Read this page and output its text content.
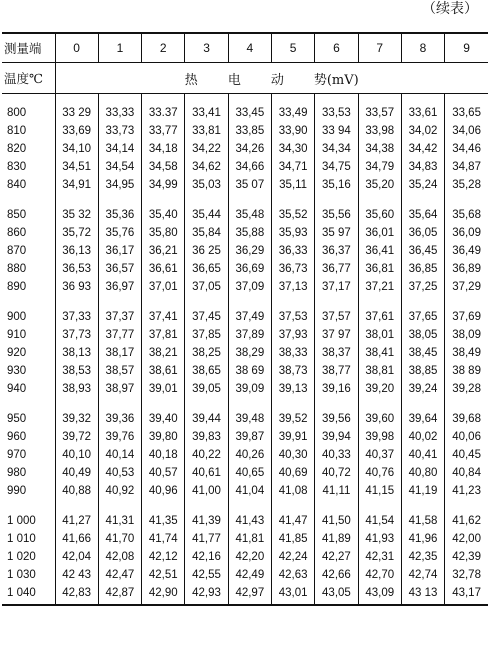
（续表）
测量端	0	1	2	3	4	5	6	7	8	9
温度℃	热 电 动 势(mV)									

800	33 29	33,33	33.37	33,41	33,45	33,49	33,53	33,57	33,61	33,65
810	33,69	33,73	33,77	33,81	33,85	33,90	33 94	33,98	34,02	34,06
820	34,10	34,14	34,18	34,22	34,26	34,30	34,34	34,38	34,42	34,46
830	34,51	34,54	34,58	34,62	34,66	34,71	34,75	34,79	34,83	34,87
840	34,91	34,95	34,99	35,03	35 07	35,11	35,16	35,20	35,24	35,28
850	35 32	35,36	35,40	35,44	35,48	35,52	35,56	35,60	35,64	35,68
860	35,72	35,76	35,80	35,84	35,88	35,93	35 97	36,01	36,05	36,09
870	36,13	36,17	36,21	36 25	36,29	36,33	36,37	36,41	36,45	36,49
880	36,53	36,57	36,61	36,65	36,69	36,73	36,77	36,81	36,85	36,89
890	36 93	36,97	37,01	37,05	37,09	37,13	37,17	37,21	37,25	37,29
900	37,33	37,37	37,41	37,45	37,49	37,53	37,57	37,61	37,65	37,69
910	37,73	37,77	37,81	37,85	37,89	37,93	37 97	38,01	38,05	38,09
920	38,13	38,17	38,21	38,25	38,29	38,33	38,37	38,41	38,45	38,49
930	38,53	38,57	38,61	38,65	38 69	38,73	38,77	38,81	38,85	38 89
940	38,93	38,97	39,01	39,05	39,09	39,13	39,16	39,20	39,24	39,28
950	39,32	39,36	39,40	39,44	39,48	39,52	39,56	39,60	39,64	39,68
960	39,72	39,76	39,80	39,83	39,87	39,91	39,94	39,98	40,02	40,06
970	40,10	40,14	40,18	40,22	40,26	40,30	40,33	40,37	40,41	40,45
980	40,49	40,53	40,57	40,61	40,65	40,69	40,72	40,76	40,80	40,84
990	40,88	40,92	40,96	41,00	41,04	41,08	41,11	41,15	41,19	41,23
1 000	41,27	41,31	41,35	41,39	41,43	41,47	41,50	41,54	41,58	41,62
1 010	41,66	41,70	41,74	41,77	41,81	41,85	41,89	41,93	41,96	42,00
1 020	42,04	42,08	42,12	42,16	42,20	42,24	42,27	42,31	42,35	42,39
1 030	42 43	42,47	42,51	42,55	42,49	42,63	42,66	42,70	42,74	32,78
1 040	42,83	42,87	42,90	42,93	42,97	43,01	43,05	43,09	43 13	43,17
